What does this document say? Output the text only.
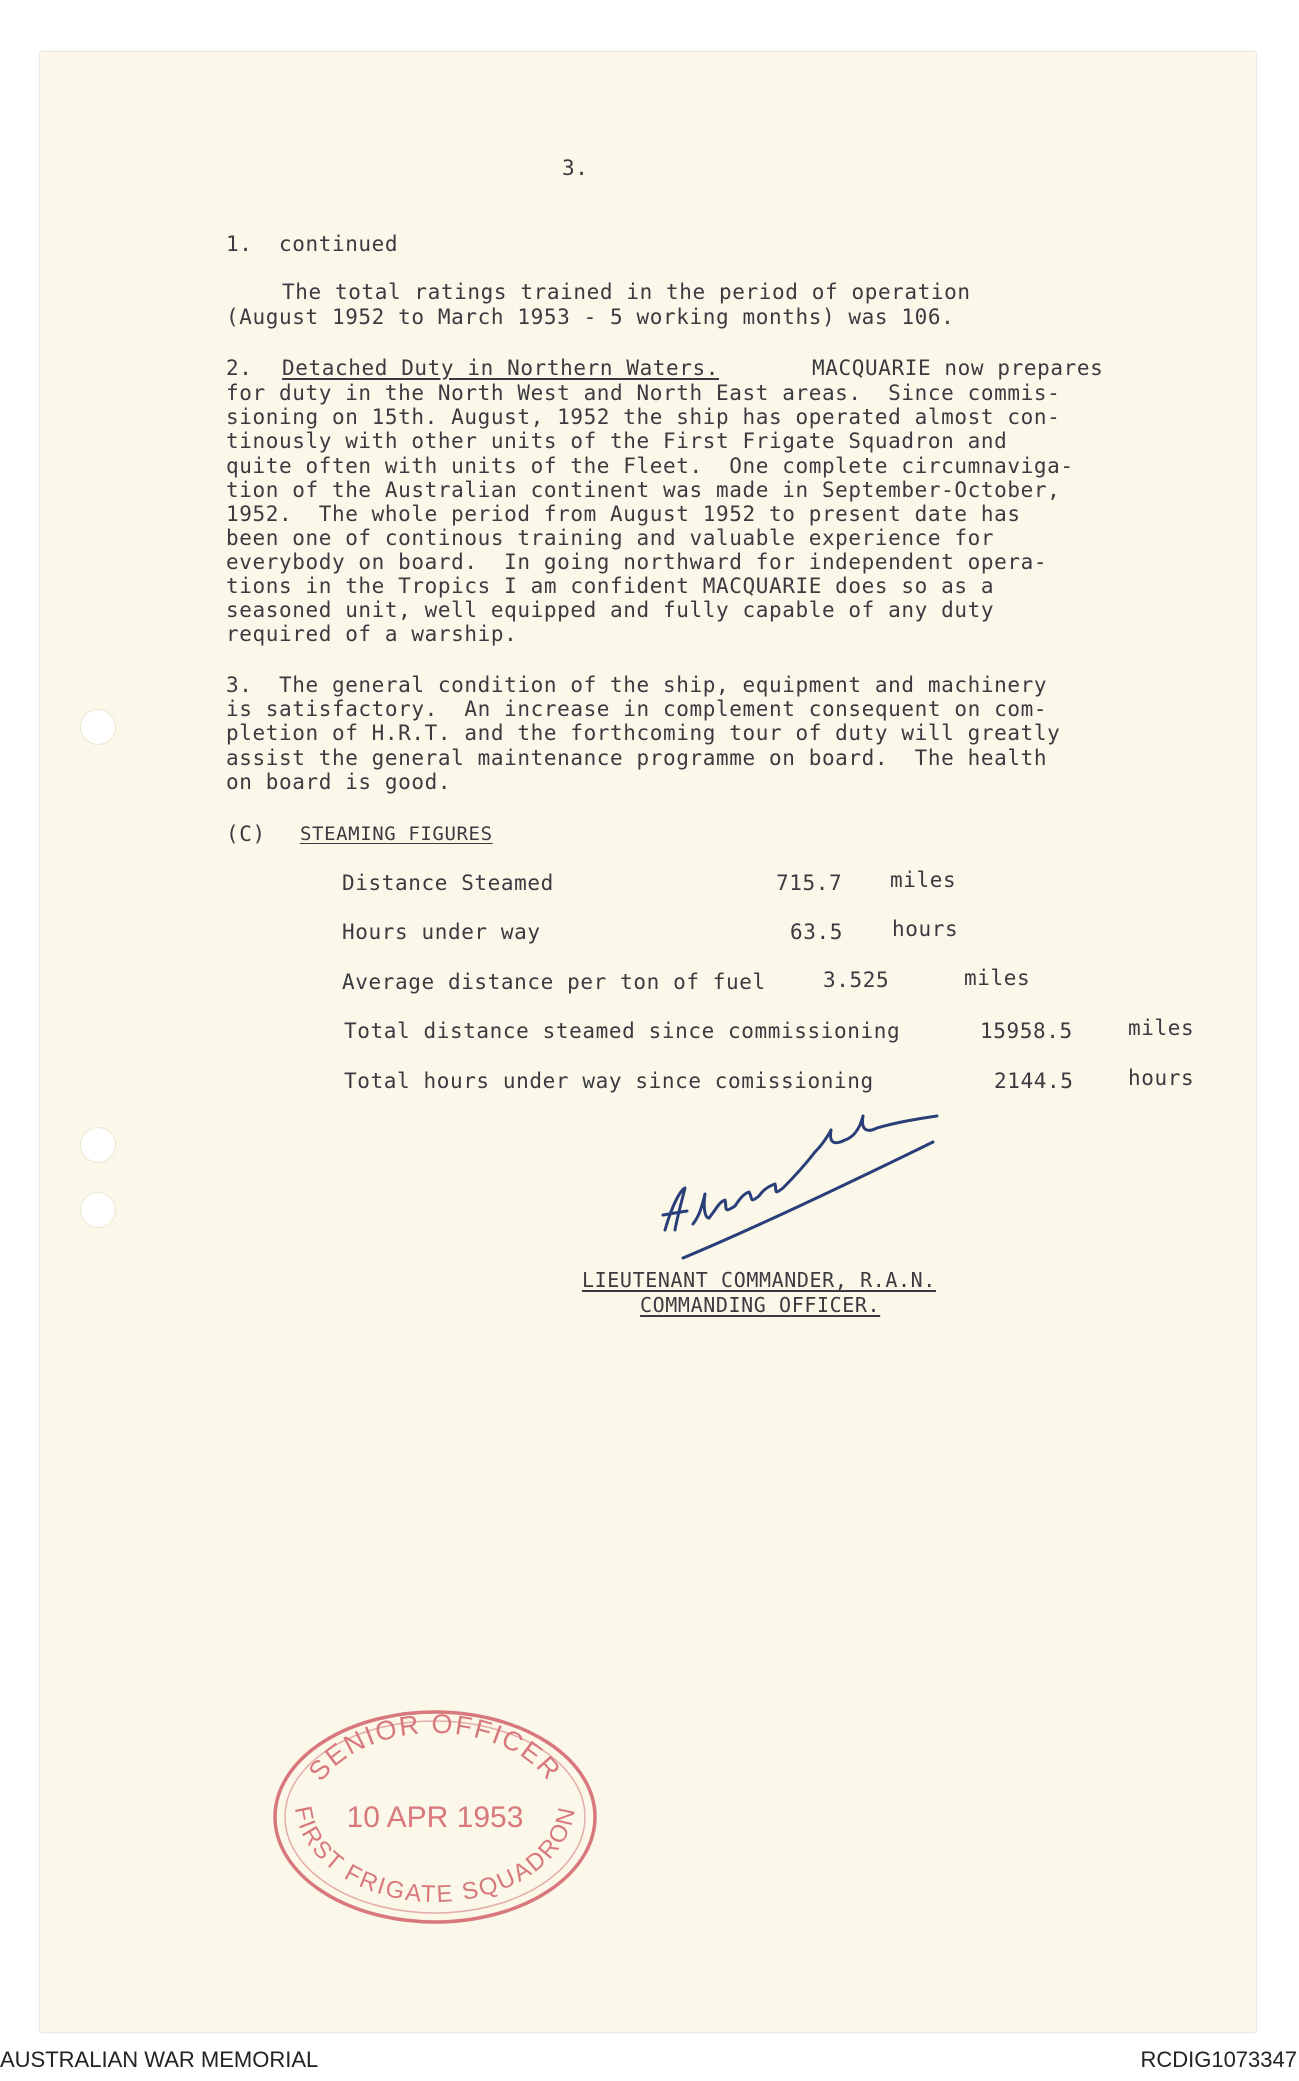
3.
1.  continued
The total ratings trained in the period of operation
(August 1952 to March 1953 - 5 working months) was 106.
2. Detached Duty in Northern Waters.	MACQUARIE now prepares
for duty in the North West and North East areas.  Since commis-
sioning on 15th. August, 1952 the ship has operated almost con-
tinously with other units of the First Frigate Squadron and
quite often with units of the Fleet.  One complete circumnaviga-
tion of the Australian continent was made in September-October,
1952.  The whole period from August 1952 to present date has
been one of continous training and valuable experience for
everybody on board.  In going northward for independent opera-
tions in the Tropics I am confident MACQUARIE does so as a
seasoned unit, well equipped and fully capable of any duty
required of a warship.
3.  The general condition of the ship, equipment and machinery
is satisfactory.  An increase in complement consequent on com-
pletion of H.R.T. and the forthcoming tour of duty will greatly
assist the general maintenance programme on board.  The health
on board is good.
(C) STEAMING FIGURES
Distance Steamed	715.7 miles
Hours under way	63.5 hours
Average distance per ton of fuel	3.525	miles
Total distance steamed since commissioning	15958.5	miles
Total hours under way since comissioning	2144.5	hours
LIEUTENANT COMMANDER, R.A.N.
COMMANDING OFFICER.
A. Thomas
SENIOR OFFICER
10 APR 1953
FIRST FRIGATE SQUADRON
AUSTRALIAN WAR MEMORIAL	RCDIG1073347
